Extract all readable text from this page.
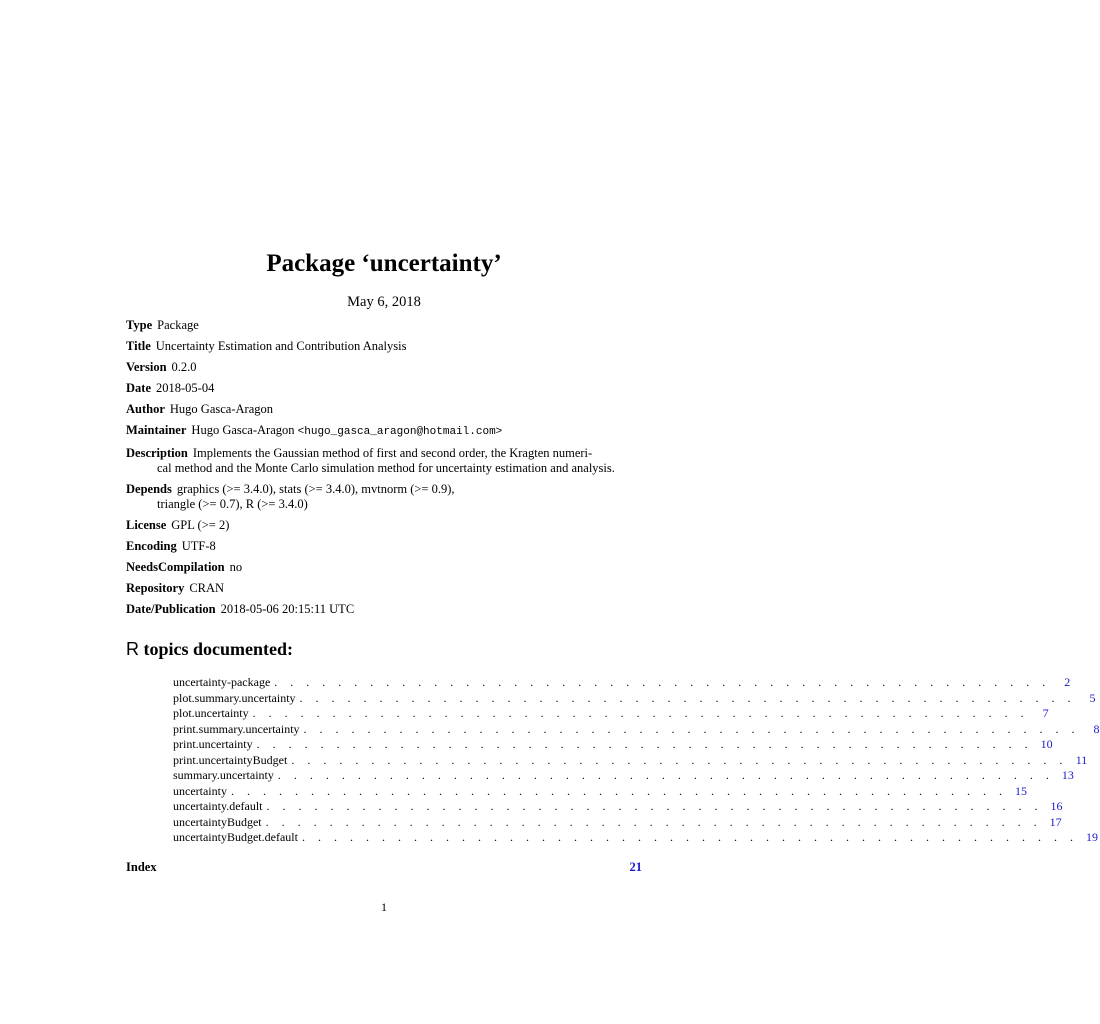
Package ‘uncertainty’
May 6, 2018
Type Package
Title Uncertainty Estimation and Contribution Analysis
Version 0.2.0
Date 2018-05-04
Author Hugo Gasca-Aragon
Maintainer Hugo Gasca-Aragon <hugo_gasca_aragon@hotmail.com>
Description Implements the Gaussian method of first and second order, the Kragten numeri-
cal method and the Monte Carlo simulation method for uncertainty estimation and analysis.
Depends graphics (>= 3.4.0), stats (>= 3.4.0), mvtnorm (>= 0.9),
triangle (>= 0.7), R (>= 3.4.0)
License GPL (>= 2)
Encoding UTF-8
NeedsCompilation no
Repository CRAN
Date/Publication 2018-05-06 20:15:11 UTC
R topics documented:
uncertainty-package . . . . . . . . . . . . . . . . . . . . . . . . . . . . . . . . . . . . . . . . . . . . . . . . .	2
plot.summary.uncertainty . . . . . . . . . . . . . . . . . . . . . . . . . . . . . . . . . . . . . . . . . . . . . . . . .	5
plot.uncertainty . . . . . . . . . . . . . . . . . . . . . . . . . . . . . . . . . . . . . . . . . . . . . . . . .	7
print.summary.uncertainty . . . . . . . . . . . . . . . . . . . . . . . . . . . . . . . . . . . . . . . . . . . . . . . . .	8
print.uncertainty . . . . . . . . . . . . . . . . . . . . . . . . . . . . . . . . . . . . . . . . . . . . . . . . . 10
print.uncertaintyBudget . . . . . . . . . . . . . . . . . . . . . . . . . . . . . . . . . . . . . . . . . . . . . . . . . 11
summary.uncertainty . . . . . . . . . . . . . . . . . . . . . . . . . . . . . . . . . . . . . . . . . . . . . . . . . 13
uncertainty . . . . . . . . . . . . . . . . . . . . . . . . . . . . . . . . . . . . . . . . . . . . . . . . . 15
uncertainty.default . . . . . . . . . . . . . . . . . . . . . . . . . . . . . . . . . . . . . . . . . . . . . . . . . 16
uncertaintyBudget . . . . . . . . . . . . . . . . . . . . . . . . . . . . . . . . . . . . . . . . . . . . . . . . . 17
uncertaintyBudget.default . . . . . . . . . . . . . . . . . . . . . . . . . . . . . . . . . . . . . . . . . . . . . . . . . 19
Index	21
1
